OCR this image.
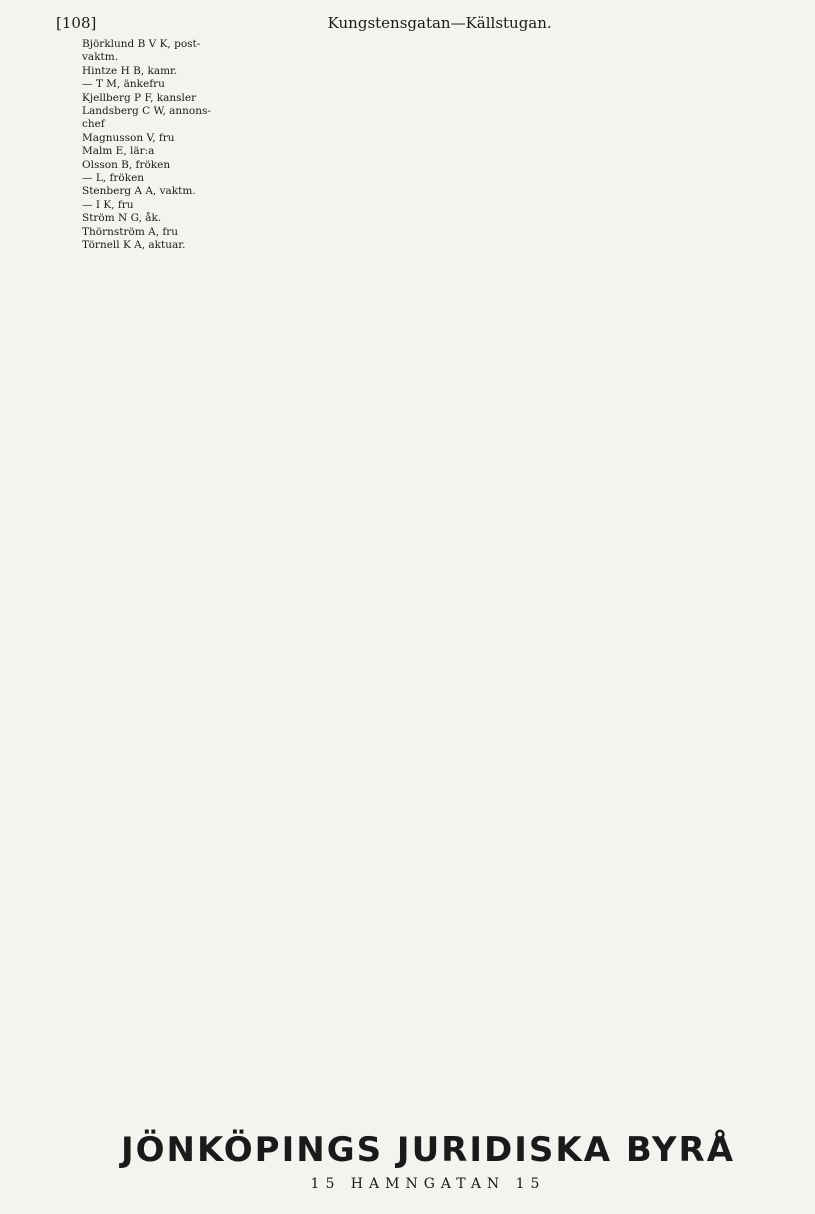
[108]	Kungstensgatan—Källstugan.
Björklund B V K, post-
vaktm.
Hintze H B, kamr.
— T M, änkefru
Kjellberg P F, kansler
Landsberg C W, annons-
chef
Magnusson V, fru
Malm E, lär:a
Olsson B, fröken
— L, fröken
Stenberg A A, vaktm.
— I K, fru
Ström N G, åk.
Thörnström A, fru
Törnell K A, aktuar.
JÖNKÖPINGS JURIDISKA BYRÅ
15 HAMNGATAN 15
